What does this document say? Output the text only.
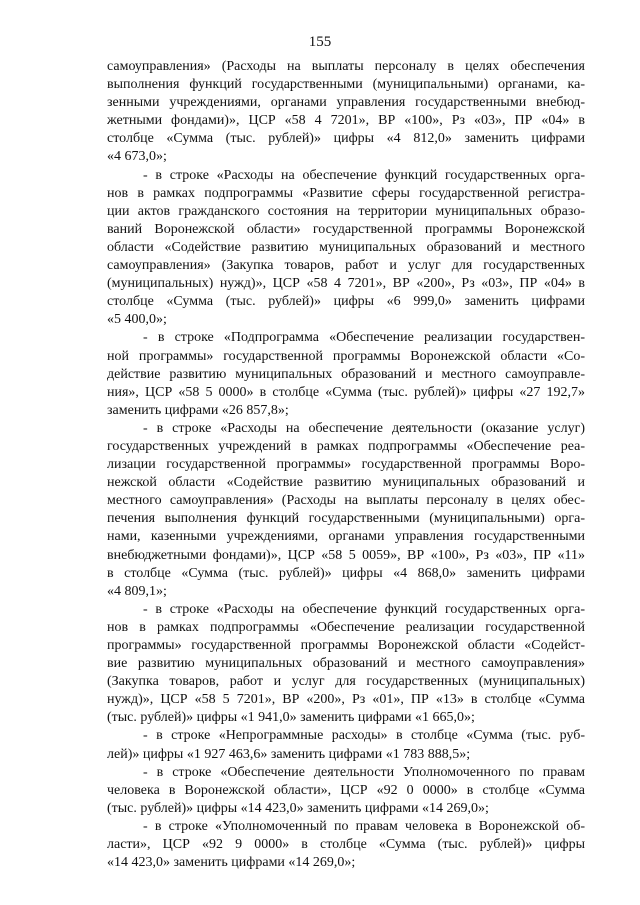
155

самоуправления» (Расходы на выплаты персоналу в целях обеспечения
выполнения функций государственными (муниципальными) органами, ка-
зенными учреждениями, органами управления государственными внебюд-
жетными фондами)», ЦСР «58 4 7201», ВР «100», Рз «03», ПР «04» в
столбце «Сумма (тыс. рублей)» цифры «4 812,0» заменить цифрами
«4 673,0»;

- в строке «Расходы на обеспечение функций государственных орга-
нов в рамках подпрограммы «Развитие сферы государственной регистра-
ции актов гражданского состояния на территории муниципальных образо-
ваний Воронежской области» государственной программы Воронежской
области «Содействие развитию муниципальных образований и местного
самоуправления» (Закупка товаров, работ и услуг для государственных
(муниципальных) нужд)», ЦСР «58 4 7201», ВР «200», Рз «03», ПР «04» в
столбце «Сумма (тыс. рублей)» цифры «6 999,0» заменить цифрами
«5 400,0»;

- в строке «Подпрограмма «Обеспечение реализации государствен-
ной программы» государственной программы Воронежской области «Со-
действие развитию муниципальных образований и местного самоуправле-
ния», ЦСР «58 5 0000» в столбце «Сумма (тыс. рублей)» цифры «27 192,7»
заменить цифрами «26 857,8»;

- в строке «Расходы на обеспечение деятельности (оказание услуг)
государственных учреждений в рамках подпрограммы «Обеспечение реа-
лизации государственной программы» государственной программы Воро-
нежской области «Содействие развитию муниципальных образований и
местного самоуправления» (Расходы на выплаты персоналу в целях обес-
печения выполнения функций государственными (муниципальными) орга-
нами, казенными учреждениями, органами управления государственными
внебюджетными фондами)», ЦСР «58 5 0059», ВР «100», Рз «03», ПР «11»
в столбце «Сумма (тыс. рублей)» цифры «4 868,0» заменить цифрами
«4 809,1»;

- в строке «Расходы на обеспечение функций государственных орга-
нов в рамках подпрограммы «Обеспечение реализации государственной
программы» государственной программы Воронежской области «Содейст-
вие развитию муниципальных образований и местного самоуправления»
(Закупка товаров, работ и услуг для государственных (муниципальных)
нужд)», ЦСР «58 5 7201», ВР «200», Рз «01», ПР «13» в столбце «Сумма
(тыс. рублей)» цифры «1 941,0» заменить цифрами «1 665,0»;

- в строке «Непрограммные расходы» в столбце «Сумма (тыс. руб-
лей)» цифры «1 927 463,6» заменить цифрами «1 783 888,5»;

- в строке «Обеспечение деятельности Уполномоченного по правам
человека в Воронежской области», ЦСР «92 0 0000» в столбце «Сумма
(тыс. рублей)» цифры «14 423,0» заменить цифрами «14 269,0»;

- в строке «Уполномоченный по правам человека в Воронежской об-
ласти», ЦСР «92 9 0000» в столбце «Сумма (тыс. рублей)» цифры
«14 423,0» заменить цифрами «14 269,0»;
